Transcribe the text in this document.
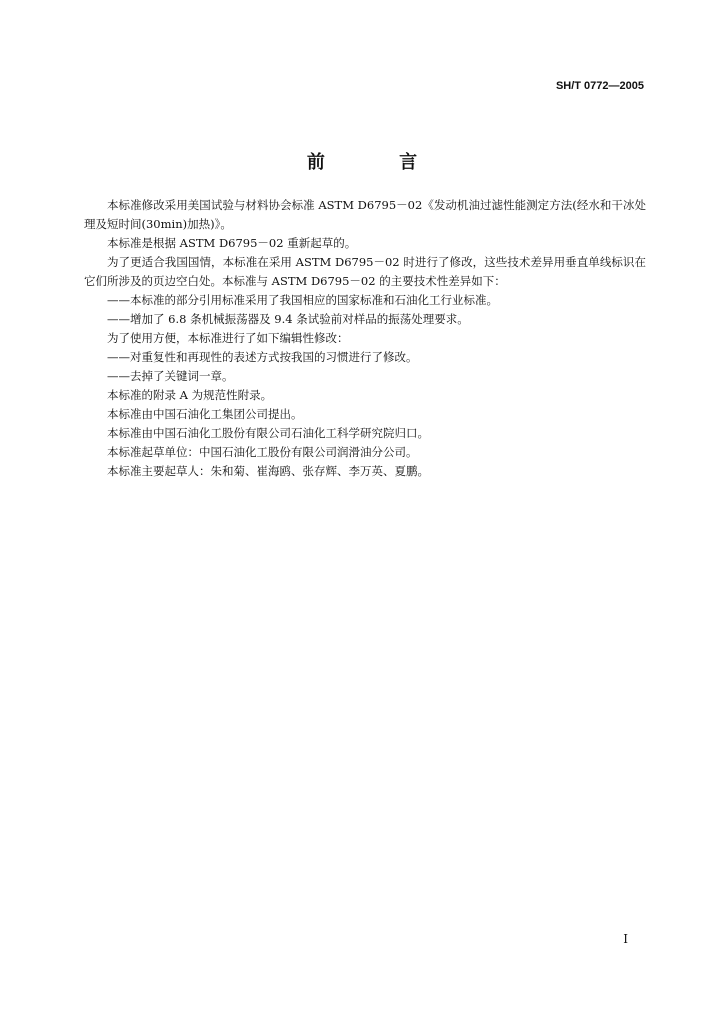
SH/T 0772—2005
前 言

本标准修改采用美国试验与材料协会标准 ASTM D6795－02《发动机油过滤性能测定方法(经水和干冰处理及短时间(30min)加热)》。

本标准是根据 ASTM D6795－02 重新起草的。

为了更适合我国国情，本标准在采用 ASTM D6795－02 时进行了修改，这些技术差异用垂直单线标识在它们所涉及的页边空白处。本标准与 ASTM D6795－02 的主要技术性差异如下：

——本标准的部分引用标准采用了我国相应的国家标准和石油化工行业标准。

——增加了 6.8 条机械振荡器及 9.4 条试验前对样品的振荡处理要求。

为了使用方便，本标准进行了如下编辑性修改：

——对重复性和再现性的表述方式按我国的习惯进行了修改。

——去掉了关键词一章。

本标准的附录 A 为规范性附录。

本标准由中国石油化工集团公司提出。

本标准由中国石油化工股份有限公司石油化工科学研究院归口。

本标准起草单位：中国石油化工股份有限公司润滑油分公司。

本标准主要起草人：朱和菊、崔海鸥、张存辉、李万英、夏鹏。

I
